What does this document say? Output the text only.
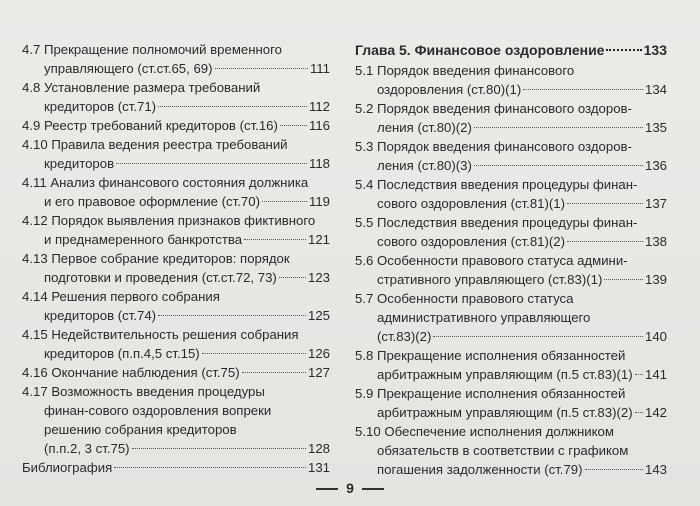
4.7 Прекращение полномочий временного
управляющего (ст.ст.65, 69)	111
4.8 Установление размера требований
кредиторов (ст.71)	112
4.9 Реестр требований кредиторов (ст.16) 116
4.10 Правила ведения реестра требований
кредиторов	118
4.11 Анализ финансового состояния должника
и его правовое оформление (ст.70)	119
4.12 Порядок выявления признаков фиктивного
и преднамеренного банкротства	121
4.13 Первое собрание кредиторов: порядок
подготовки и проведения (ст.ст.72, 73) 123
4.14 Решения первого собрания
кредиторов (ст.74)	125
4.15 Недействительность решения собрания
кредиторов (п.п.4,5 ст.15)	126
4.16 Окончание наблюдения (ст.75)	127
4.17 Возможность введения процедуры
финан-сового оздоровления вопреки
решению собрания кредиторов
(п.п.2, 3 ст.75)	128
Библиография	131
Глава 5. Финансовое оздоровление	133
5.1 Порядок введения финансового
оздоровления (ст.80)(1)	134
5.2 Порядок введения финансового оздоров-
ления (ст.80)(2)	135
5.3 Порядок введения финансового оздоров-
ления (ст.80)(3)	136
5.4 Последствия введения процедуры финан-
сового оздоровления (ст.81)(1)	137
5.5 Последствия введения процедуры финан-
сового оздоровления (ст.81)(2)	138
5.6 Особенности правового статуса админи-
стративного управляющего (ст.83)(1)	139
5.7 Особенности правового статуса
административного управляющего
(ст.83)(2)	140
5.8 Прекращение исполнения обязанностей
арбитражным управляющим (п.5 ст.83)(1) 141
5.9 Прекращение исполнения обязанностей
арбитражным управляющим (п.5 ст.83)(2) 142
5.10 Обеспечение исполнения должником
обязательств в соответствии с графиком
погашения задолженности (ст.79)	143
9
